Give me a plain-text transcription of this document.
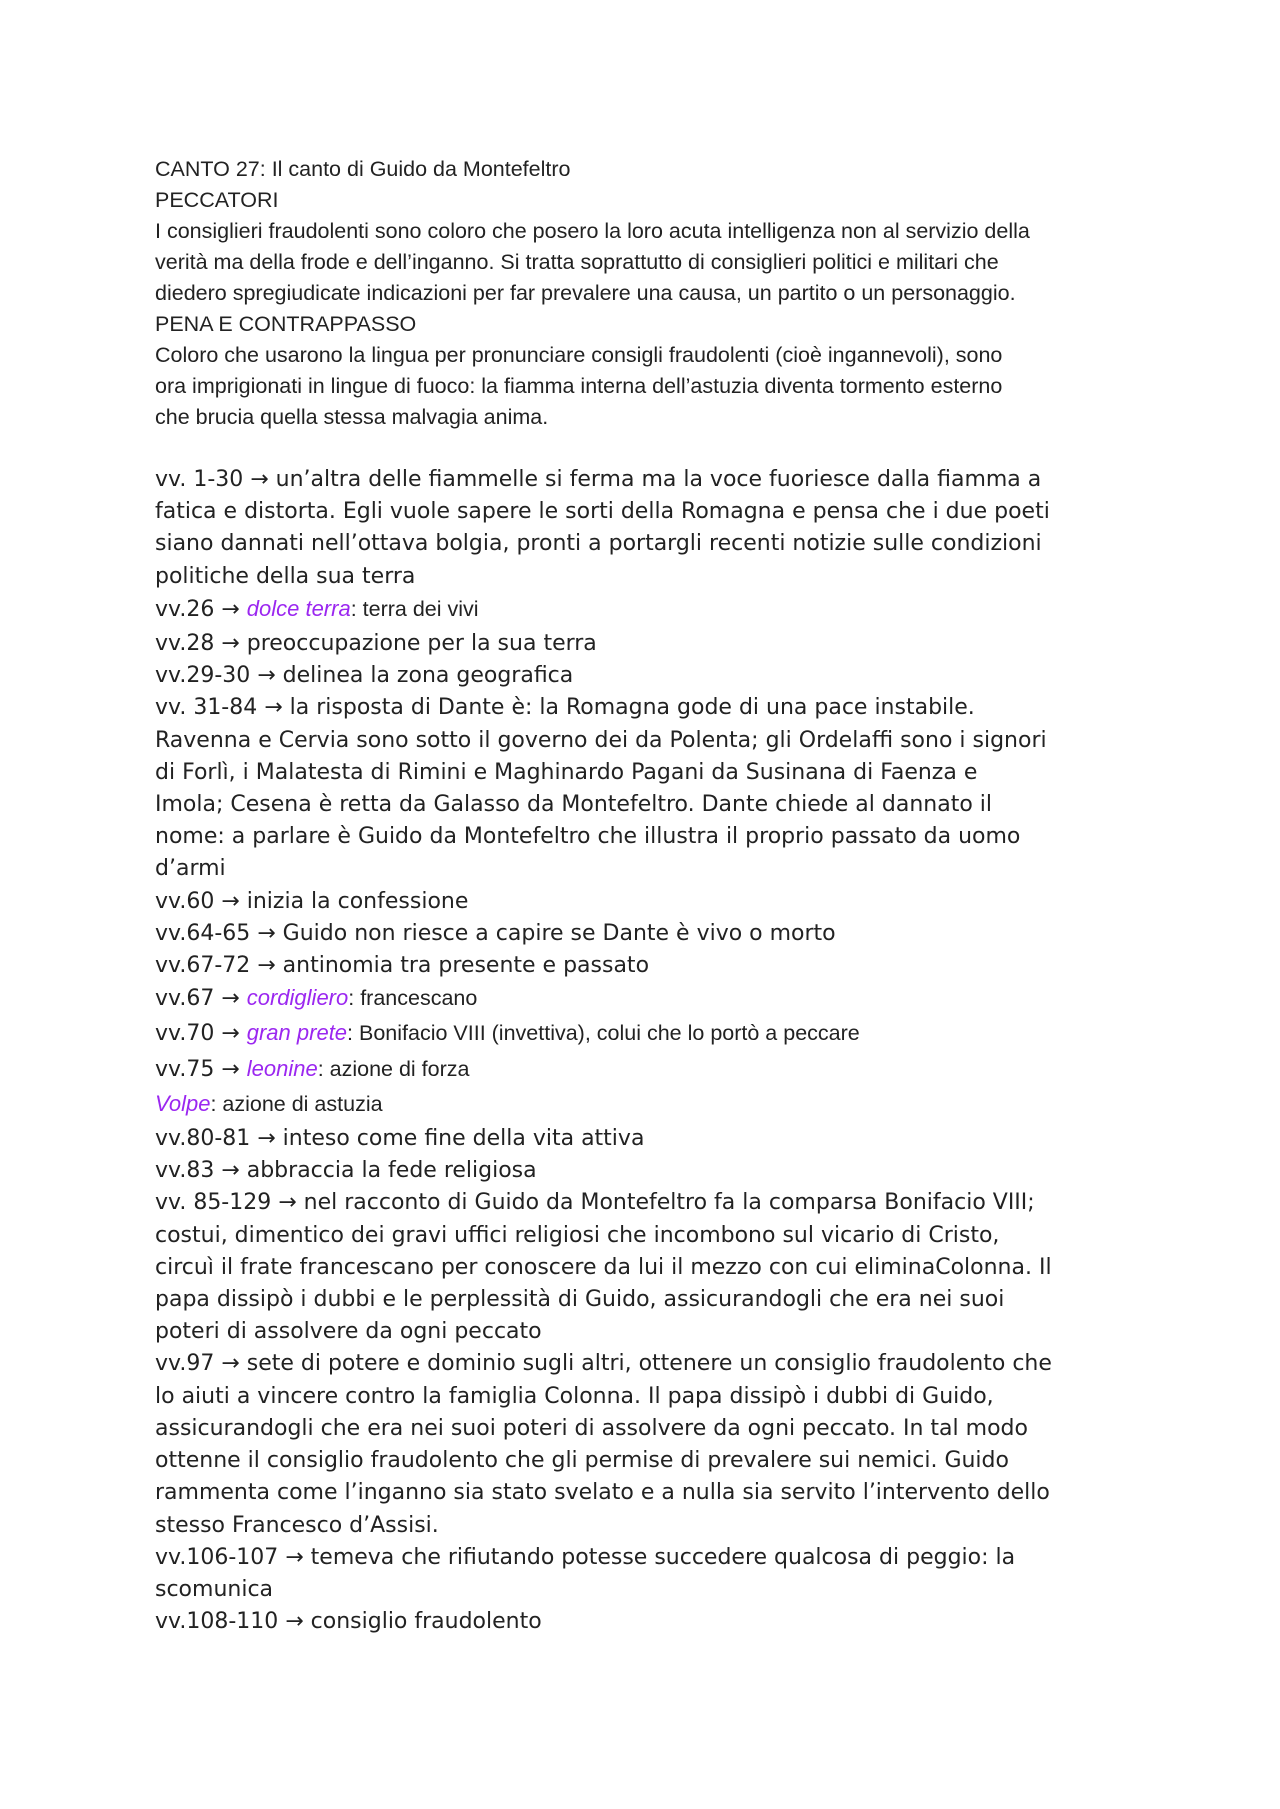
CANTO 27: Il canto di Guido da Montefeltro
PECCATORI
I consiglieri fraudolenti sono coloro che posero la loro acuta intelligenza non al servizio della
verità ma della frode e dell’inganno. Si tratta soprattutto di consiglieri politici e militari che
diedero spregiudicate indicazioni per far prevalere una causa, un partito o un personaggio.
PENA E CONTRAPPASSO
Coloro che usarono la lingua per pronunciare consigli fraudolenti (cioè ingannevoli), sono
ora imprigionati in lingue di fuoco: la fiamma interna dell’astuzia diventa tormento esterno
che brucia quella stessa malvagia anima.
vv. 1-30 → un’altra delle fiammelle si ferma ma la voce fuoriesce dalla fiamma a
fatica e distorta. Egli vuole sapere le sorti della Romagna e pensa che i due poeti
siano dannati nell’ottava bolgia, pronti a portargli recenti notizie sulle condizioni
politiche della sua terra
vv.26 → dolce terra: terra dei vivi
vv.28 → preoccupazione per la sua terra
vv.29-30 → delinea la zona geografica
vv. 31-84 → la risposta di Dante è: la Romagna gode di una pace instabile.
Ravenna e Cervia sono sotto il governo dei da Polenta; gli Ordelaffi sono i signori
di Forlì, i Malatesta di Rimini e Maghinardo Pagani da Susinana di Faenza e
Imola; Cesena è retta da Galasso da Montefeltro. Dante chiede al dannato il
nome: a parlare è Guido da Montefeltro che illustra il proprio passato da uomo
d’armi
vv.60 → inizia la confessione
vv.64-65 → Guido non riesce a capire se Dante è vivo o morto
vv.67-72 → antinomia tra presente e passato
vv.67 → cordigliero: francescano
vv.70 → gran prete: Bonifacio VIII (invettiva), colui che lo portò a peccare
vv.75 → leonine: azione di forza
Volpe: azione di astuzia
vv.80-81 → inteso come fine della vita attiva
vv.83 → abbraccia la fede religiosa
vv. 85-129 → nel racconto di Guido da Montefeltro fa la comparsa Bonifacio VIII;
costui, dimentico dei gravi uffici religiosi che incombono sul vicario di Cristo,
circuì il frate francescano per conoscere da lui il mezzo con cui eliminaColonna. Il
papa dissipò i dubbi e le perplessità di Guido, assicurandogli che era nei suoi
poteri di assolvere da ogni peccato
vv.97 → sete di potere e dominio sugli altri, ottenere un consiglio fraudolento che
lo aiuti a vincere contro la famiglia Colonna. Il papa dissipò i dubbi di Guido,
assicurandogli che era nei suoi poteri di assolvere da ogni peccato. In tal modo
ottenne il consiglio fraudolento che gli permise di prevalere sui nemici. Guido
rammenta come l’inganno sia stato svelato e a nulla sia servito l’intervento dello
stesso Francesco d’Assisi.
vv.106-107 → temeva che rifiutando potesse succedere qualcosa di peggio: la
scomunica
vv.108-110 → consiglio fraudolento
